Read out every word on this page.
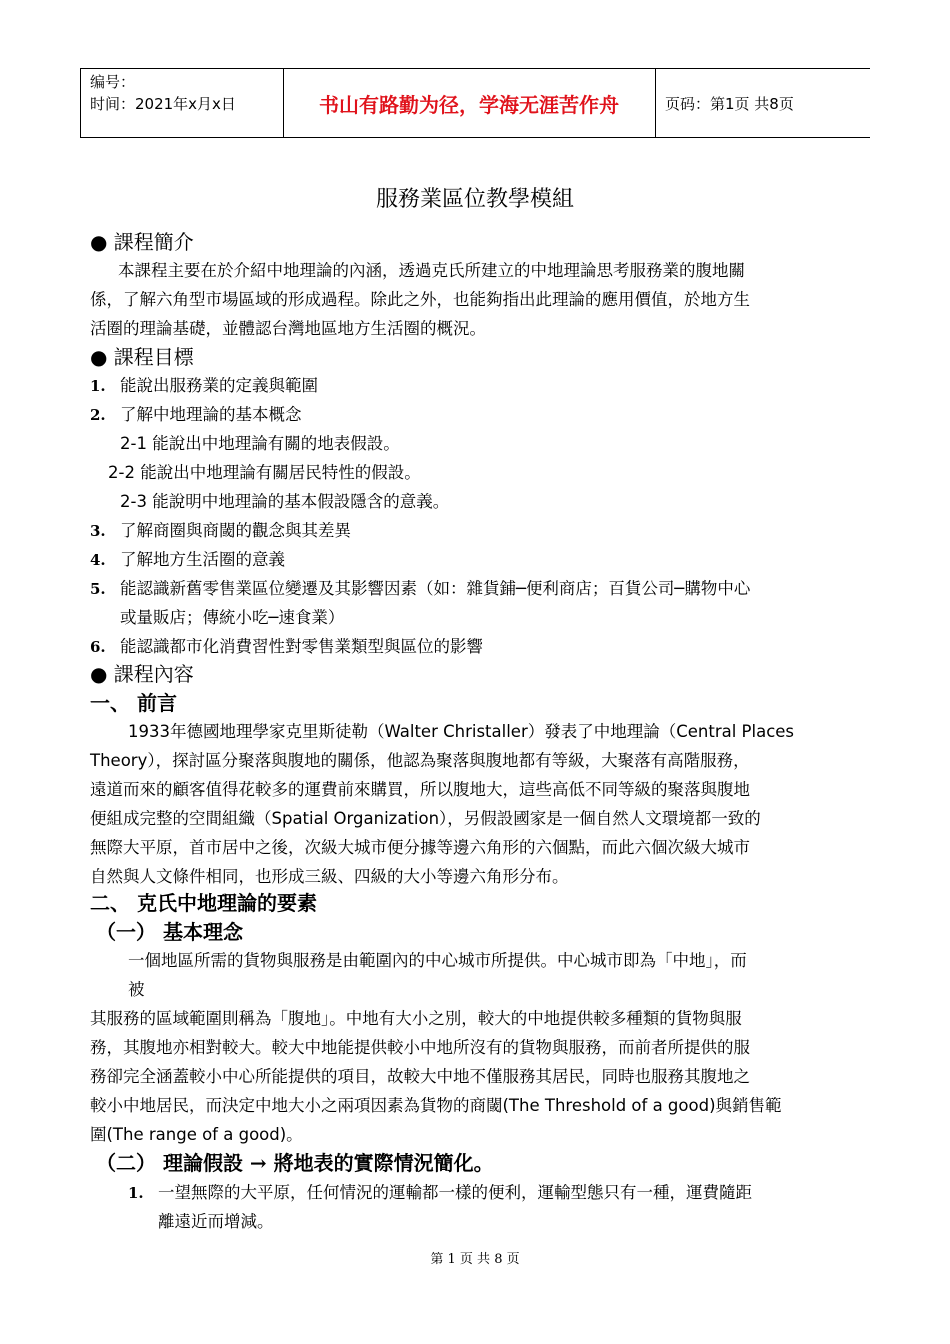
编号：
时间：2021年x月x日	书山有路勤为径，学海无涯苦作舟	页码：第1页 共8页
服務業區位教學模組
● 課程簡介
本課程主要在於介紹中地理論的內涵，透過克氏所建立的中地理論思考服務業的腹地關
係，了解六角型市場區域的形成過程。除此之外，也能夠指出此理論的應用價值，於地方生
活圈的理論基礎，並體認台灣地區地方生活圈的概況。
● 課程目標
1. 能說出服務業的定義與範圍
2. 了解中地理論的基本概念
2-1 能說出中地理論有關的地表假設。
2-2 能說出中地理論有關居民特性的假設。
2-3 能說明中地理論的基本假設隱含的意義。
3. 了解商圈與商閾的觀念與其差異
4. 了解地方生活圈的意義
5. 能認識新舊零售業區位變遷及其影響因素（如：雜貨鋪─便利商店；百貨公司─購物中心
或量販店；傳統小吃─速食業）
6. 能認識都市化消費習性對零售業類型與區位的影響
● 課程內容
一、 前言
1933年德國地理學家克里斯徒勒（Walter Christaller）發表了中地理論（Central Places
Theory），探討區分聚落與腹地的關係，他認為聚落與腹地都有等級，大聚落有高階服務，
遠道而來的顧客值得花較多的運費前來購買，所以腹地大，這些高低不同等級的聚落與腹地
便組成完整的空間組織（Spatial Organization），另假設國家是一個自然人文環境都一致的
無際大平原，首市居中之後，次級大城市便分據等邊六角形的六個點，而此六個次級大城市
自然與人文條件相同，也形成三級、四級的大小等邊六角形分布。
二、 克氏中地理論的要素
（一） 基本理念
一個地區所需的貨物與服務是由範圍內的中心城市所提供。中心城市即為「中地」，而
被
其服務的區域範圍則稱為「腹地」。中地有大小之別，較大的中地提供較多種類的貨物與服
務，其腹地亦相對較大。較大中地能提供較小中地所沒有的貨物與服務，而前者所提供的服
務卻完全涵蓋較小中心所能提供的項目，故較大中地不僅服務其居民，同時也服務其腹地之
較小中地居民，而決定中地大小之兩項因素為貨物的商閾(The Threshold of a good)與銷售範
圍(The range of a good)。
（二） 理論假設 → 將地表的實際情況簡化。
1. 一望無際的大平原，任何情況的運輸都一樣的便利，運輸型態只有一種，運費隨距
離遠近而增減。
第 1 页 共 8 页
